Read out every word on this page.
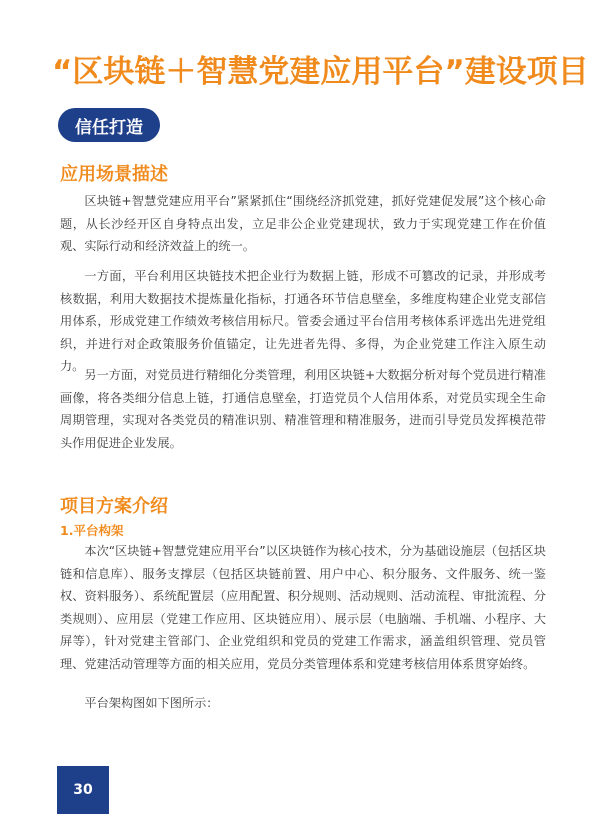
“区块链＋智慧党建应用平台”建设项目
信任打造
应用场景描述

区块链+智慧党建应用平台”紧紧抓住“围绕经济抓党建，抓好党建促发展”这个核心命题，从长沙经开区自身特点出发，立足非公企业党建现状，致力于实现党建工作在价值观、实际行动和经济效益上的统一。

一方面，平台利用区块链技术把企业行为数据上链，形成不可篡改的记录，并形成考核数据，利用大数据技术提炼量化指标，打通各环节信息壁垒，多维度构建企业党支部信用体系，形成党建工作绩效考核信用标尺。管委会通过平台信用考核体系评选出先进党组织，并进行对企政策服务价值锚定，让先进者先得、多得，为企业党建工作注入原生动力。

另一方面，对党员进行精细化分类管理，利用区块链+大数据分析对每个党员进行精准画像，将各类细分信息上链，打通信息壁垒，打造党员个人信用体系，对党员实现全生命周期管理，实现对各类党员的精准识别、精准管理和精准服务，进而引导党员发挥模范带头作用促进企业发展。

项目方案介绍
1.平台构架

本次“区块链+智慧党建应用平台”以区块链作为核心技术，分为基础设施层（包括区块链和信息库）、服务支撑层（包括区块链前置、用户中心、积分服务、文件服务、统一鉴权、资料服务）、系统配置层（应用配置、积分规则、活动规则、活动流程、审批流程、分类规则）、应用层（党建工作应用、区块链应用）、展示层（电脑端、手机端、小程序、大屏等），针对党建主管部门、企业党组织和党员的党建工作需求，涵盖组织管理、党员管理、党建活动管理等方面的相关应用，党员分类管理体系和党建考核信用体系贯穿始终。

平台架构图如下图所示：

30
